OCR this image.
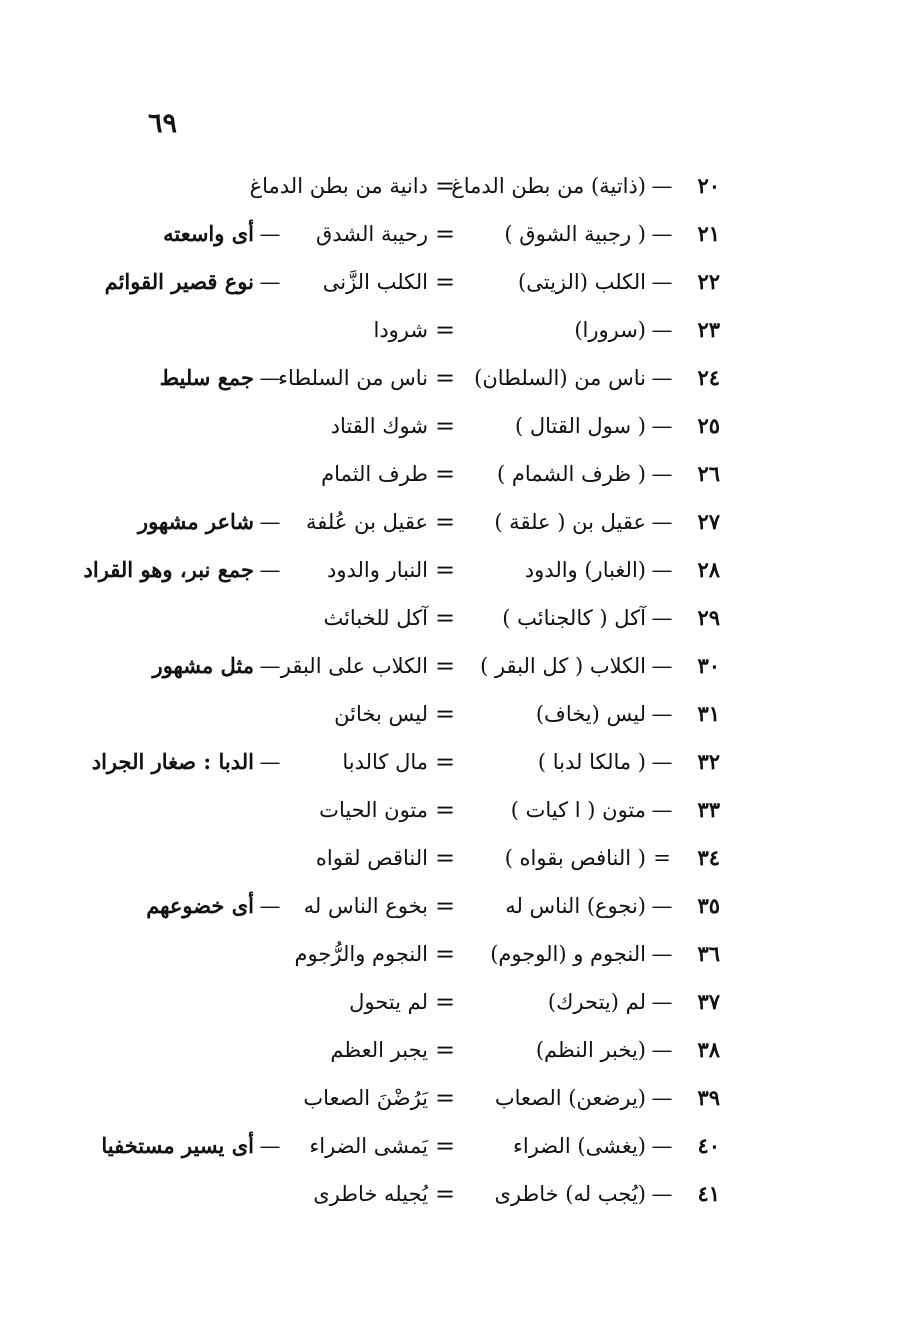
٦٩
٢٠
—
(ذاتية) من بطن الدماغ
=
دانية من بطن الدماغ
٢١
—
( رجبية الشوق )
=
رحيبة الشدق
—
أى واسعته
٢٢
—
الكلب (الزيتى)
=
الكلب الزَّنى
—
نوع قصير القوائم
٢٣
—
(سرورا)
=
شرودا
٢٤
—
ناس من (السلطان)
=
ناس من السلطاء
—
جمع سليط
٢٥
—
( سول القتال )
=
شوك القتاد
٢٦
—
( ظرف الشمام )
=
طرف الثمام
٢٧
—
عقيل بن ( علقة )
=
عقيل بن عُلفة
—
شاعر مشهور
٢٨
—
(الغبار) والدود
=
النبار والدود
—
جمع نبر، وهو القراد
٢٩
—
آكل ( كالجنائب )
=
آكل للخبائث
٣٠
—
الكلاب ( كل البقر )
=
الكلاب على البقر
—
مثل مشهور
٣١
—
ليس (يخاف)
=
ليس بخائن
٣٢
—
( مالكا لدبا )
=
مال كالدبا
—
الدبا : صغار الجراد
٣٣
—
متون ( ا كيات )
=
متون الحيات
٣٤
=
( النافص بقواه )
=
الناقص لقواه
٣٥
—
(نجوع) الناس له
=
بخوع الناس له
—
أى خضوعهم
٣٦
—
النجوم و (الوجوم)
=
النجوم والرُّجوم
٣٧
—
لم (يتحرك)
=
لم يتحول
٣٨
—
(يخبر النظم)
=
يجبر العظم
٣٩
—
(يرضعن) الصعاب
=
يَرُضْنَ الصعاب
٤٠
—
(يغشى) الضراء
=
يَمشى الضراء
—
أى يسير مستخفيا
٤١
—
(يُجب له) خاطرى
=
يُجيله خاطرى
